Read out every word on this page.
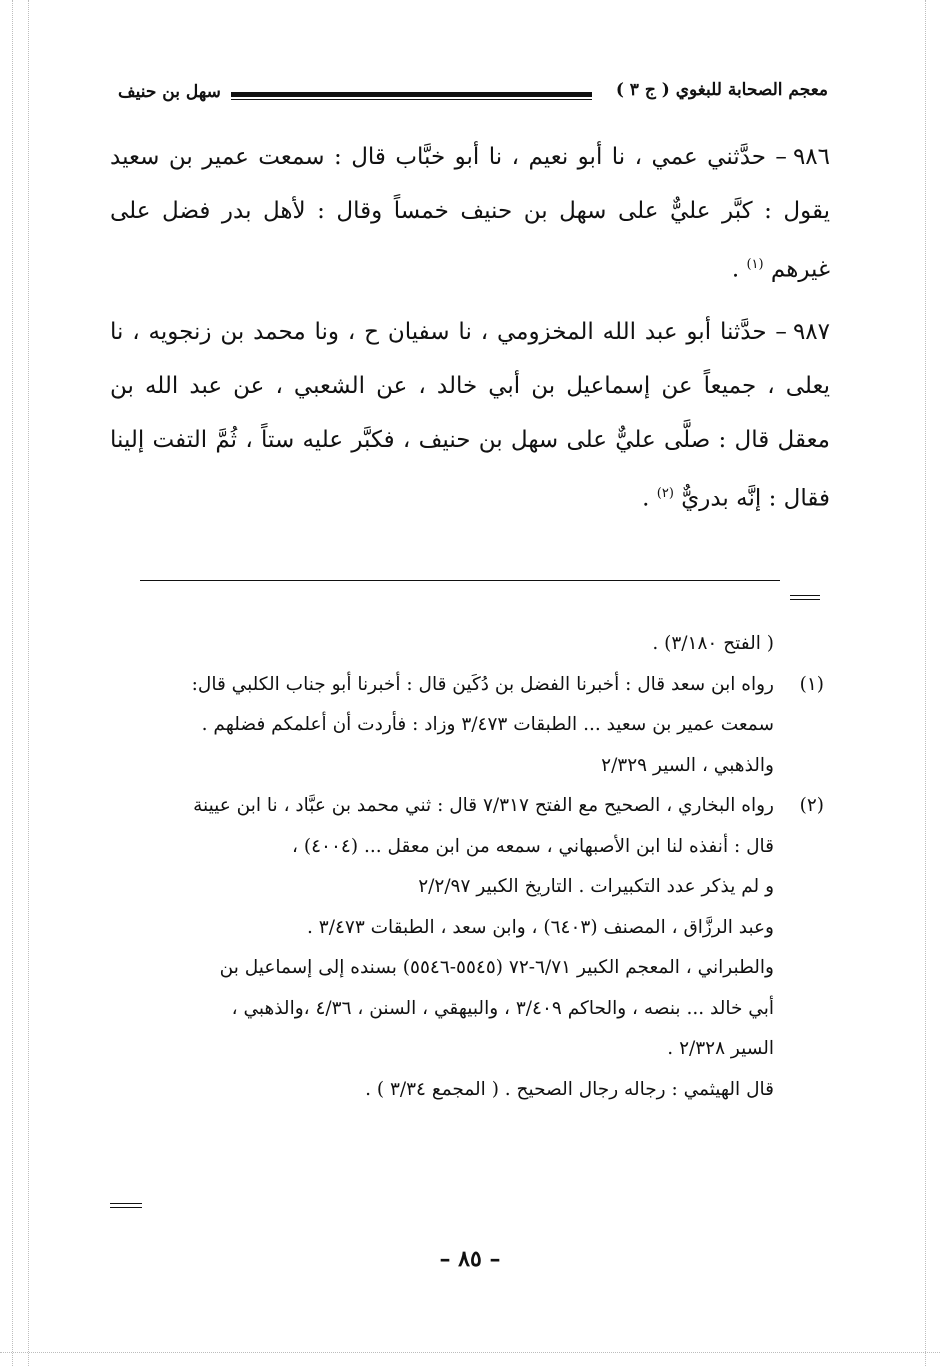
معجم الصحابة للبغوي ( ج ٣ )
سهل بن حنيف

٩٨٦– حدَّثني عمي ، نا أبو نعيم ، نا أبو خبَّاب قال : سمعت عمير بن سعيد يقول : كبَّر عليٌّ على سهل بن حنيف خمساً وقال : لأهل بدر فضل على غيرهم $^{(١)}$ .

٩٨٧– حدَّثنا أبو عبد الله المخزومي ، نا سفيان ح ، ونا محمد بن زنجويه ، نا يعلى ، جميعاً عن إسماعيل بن أبي خالد ، عن الشعبي ، عن عبد الله بن معقل قال : صلَّى عليٌّ على سهل بن حنيف ، فكبَّر عليه ستاً ، ثُمَّ التفت إلينا فقال : إنَّه بدريٌّ $^{(٢)}$ .

( الفتح ٣/١٨٠) .

(١)

رواه ابن سعد قال : أخبرنا الفضل بن دُكَين قال : أخبرنا أبو جناب الكلبي قال:

سمعت عمير بن سعيد ... الطبقات ٣/٤٧٣ وزاد : فأردت أن أعلمكم فضلهم .

والذهبي ، السير ٢/٣٢٩

(٢)

رواه البخاري ، الصحيح مع الفتح ٧/٣١٧ قال : ثني محمد بن عبَّاد ، نا ابن عيينة

قال : أنفذه لنا ابن الأصبهاني ، سمعه من ابن معقل ... (٤٠٠٤) ،

و لم يذكر عدد التكبيرات . التاريخ الكبير ٢/٢/٩٧

وعبد الرزَّاق ، المصنف (٦٤٠٣) ، وابن سعد ، الطبقات ٣/٤٧٣ .

والطبراني ، المعجم الكبير ٦/٧١-٧٢ (٥٥٤٥-٥٥٤٦) بسنده إلى إسماعيل بن

أبي خالد ... بنصه ، والحاكم ٣/٤٠٩ ، والبيهقي ، السنن ، ٤/٣٦ ،والذهبي ،

السير ٢/٣٢٨ .

قال الهيثمي : رجاله رجال الصحيح . ( المجمع ٣/٣٤ ) .

– ٨٥ –
